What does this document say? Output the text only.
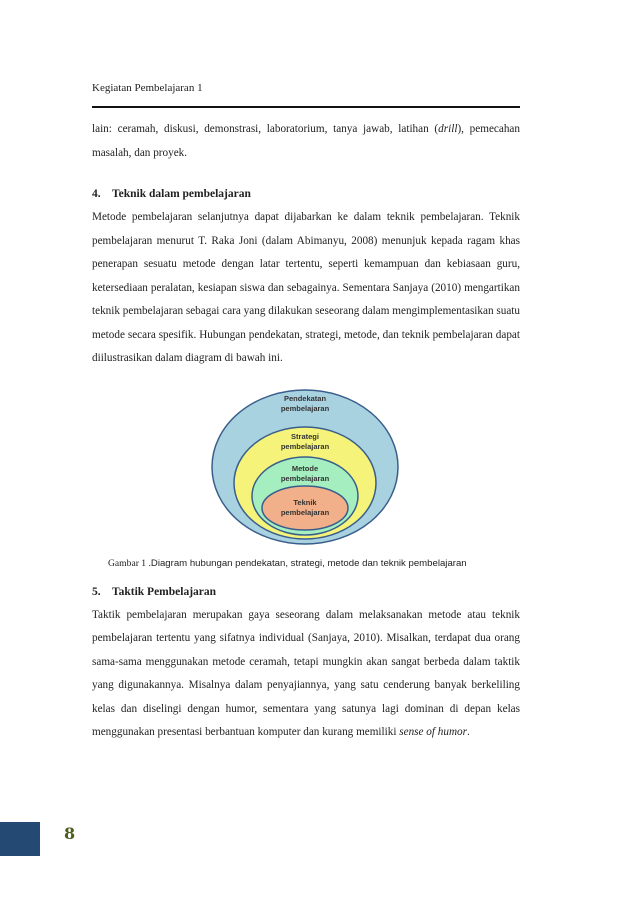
Kegiatan Pembelajaran 1

lain: ceramah, diskusi, demonstrasi, laboratorium, tanya jawab, latihan (drill), pemecahan masalah, dan proyek.

4. Teknik dalam pembelajaran

Metode pembelajaran selanjutnya dapat dijabarkan ke dalam teknik pembelajaran. Teknik pembelajaran menurut T. Raka Joni (dalam Abimanyu, 2008) menunjuk kepada ragam khas penerapan sesuatu metode dengan latar tertentu, seperti kemampuan dan kebiasaan guru, ketersediaan peralatan, kesiapan siswa dan sebagainya. Sementara Sanjaya (2010) mengartikan teknik pembelajaran sebagai cara yang dilakukan seseorang dalam mengimplementasikan suatu metode secara spesifik. Hubungan pendekatan, strategi, metode, dan teknik pembelajaran dapat diilustrasikan dalam diagram di bawah ini.

Pendekatan
pembelajaran
Strategi
pembelajaran
Metode
pembelajaran
Teknik
pembelajaran
Gambar 1 .Diagram hubungan pendekatan, strategi, metode dan teknik pembelajaran
5. Taktik Pembelajaran

Taktik pembelajaran merupakan gaya seseorang dalam melaksanakan metode atau teknik pembelajaran tertentu yang sifatnya individual (Sanjaya, 2010). Misalkan, terdapat dua orang sama-sama menggunakan metode ceramah, tetapi mungkin akan sangat berbeda dalam taktik yang digunakannya. Misalnya dalam penyajiannya, yang satu cenderung banyak berkeliling kelas dan diselingi dengan humor, sementara yang satunya lagi dominan di depan kelas menggunakan presentasi berbantuan komputer dan kurang memiliki sense of humor.

8
